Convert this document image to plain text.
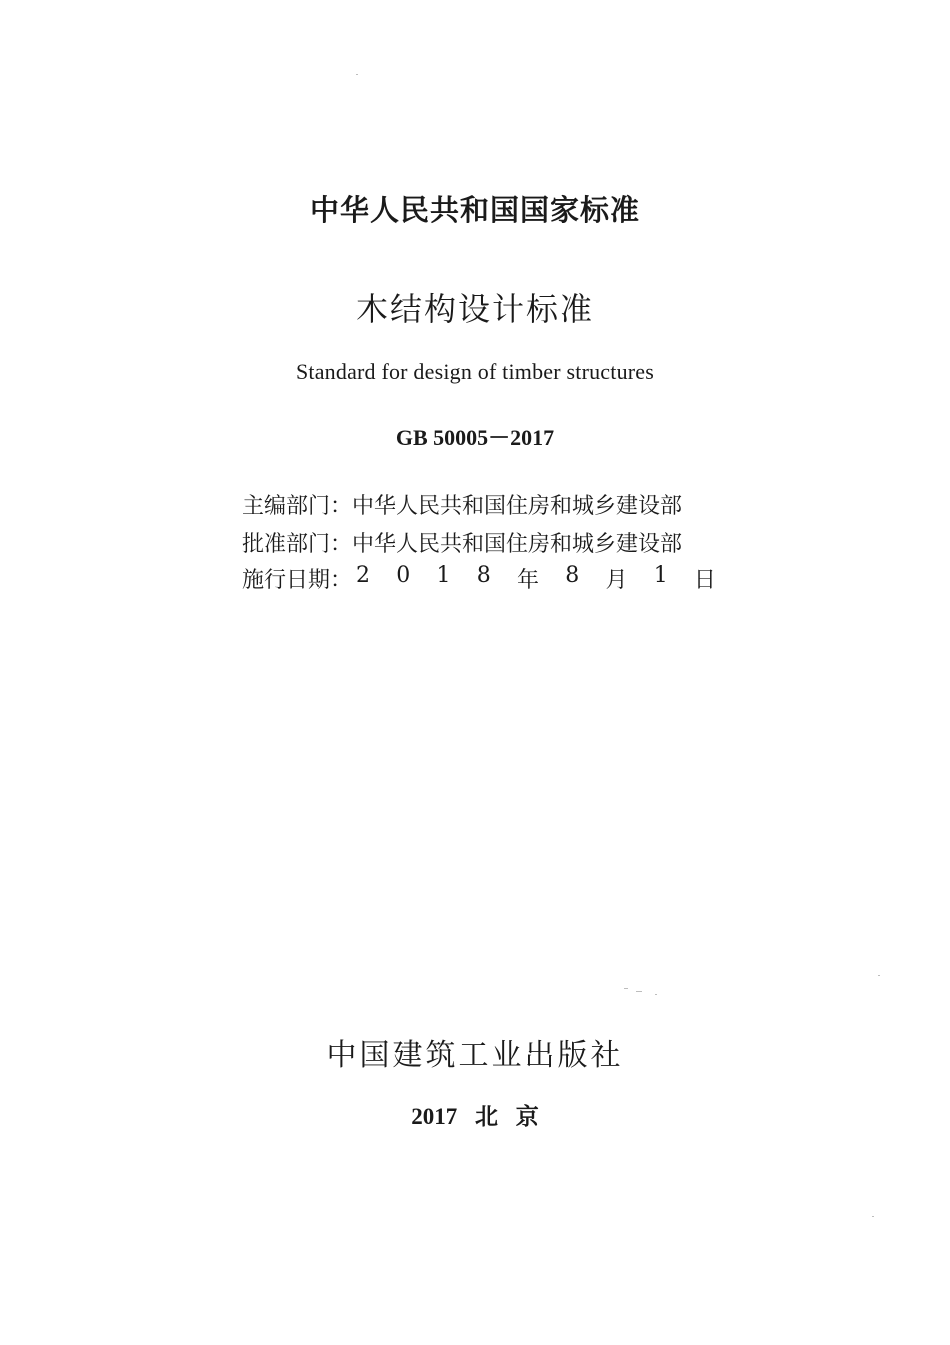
中华人民共和国国家标准
木结构设计标准
Standard for design of timber structures
GB 50005－2017
主编部门： 中华人民共和国住房和城乡建设部
批准部门： 中华人民共和国住房和城乡建设部
施行日期： 2 0 1 8 年 8 月 1 日
中国建筑工业出版社
2017 北 京
